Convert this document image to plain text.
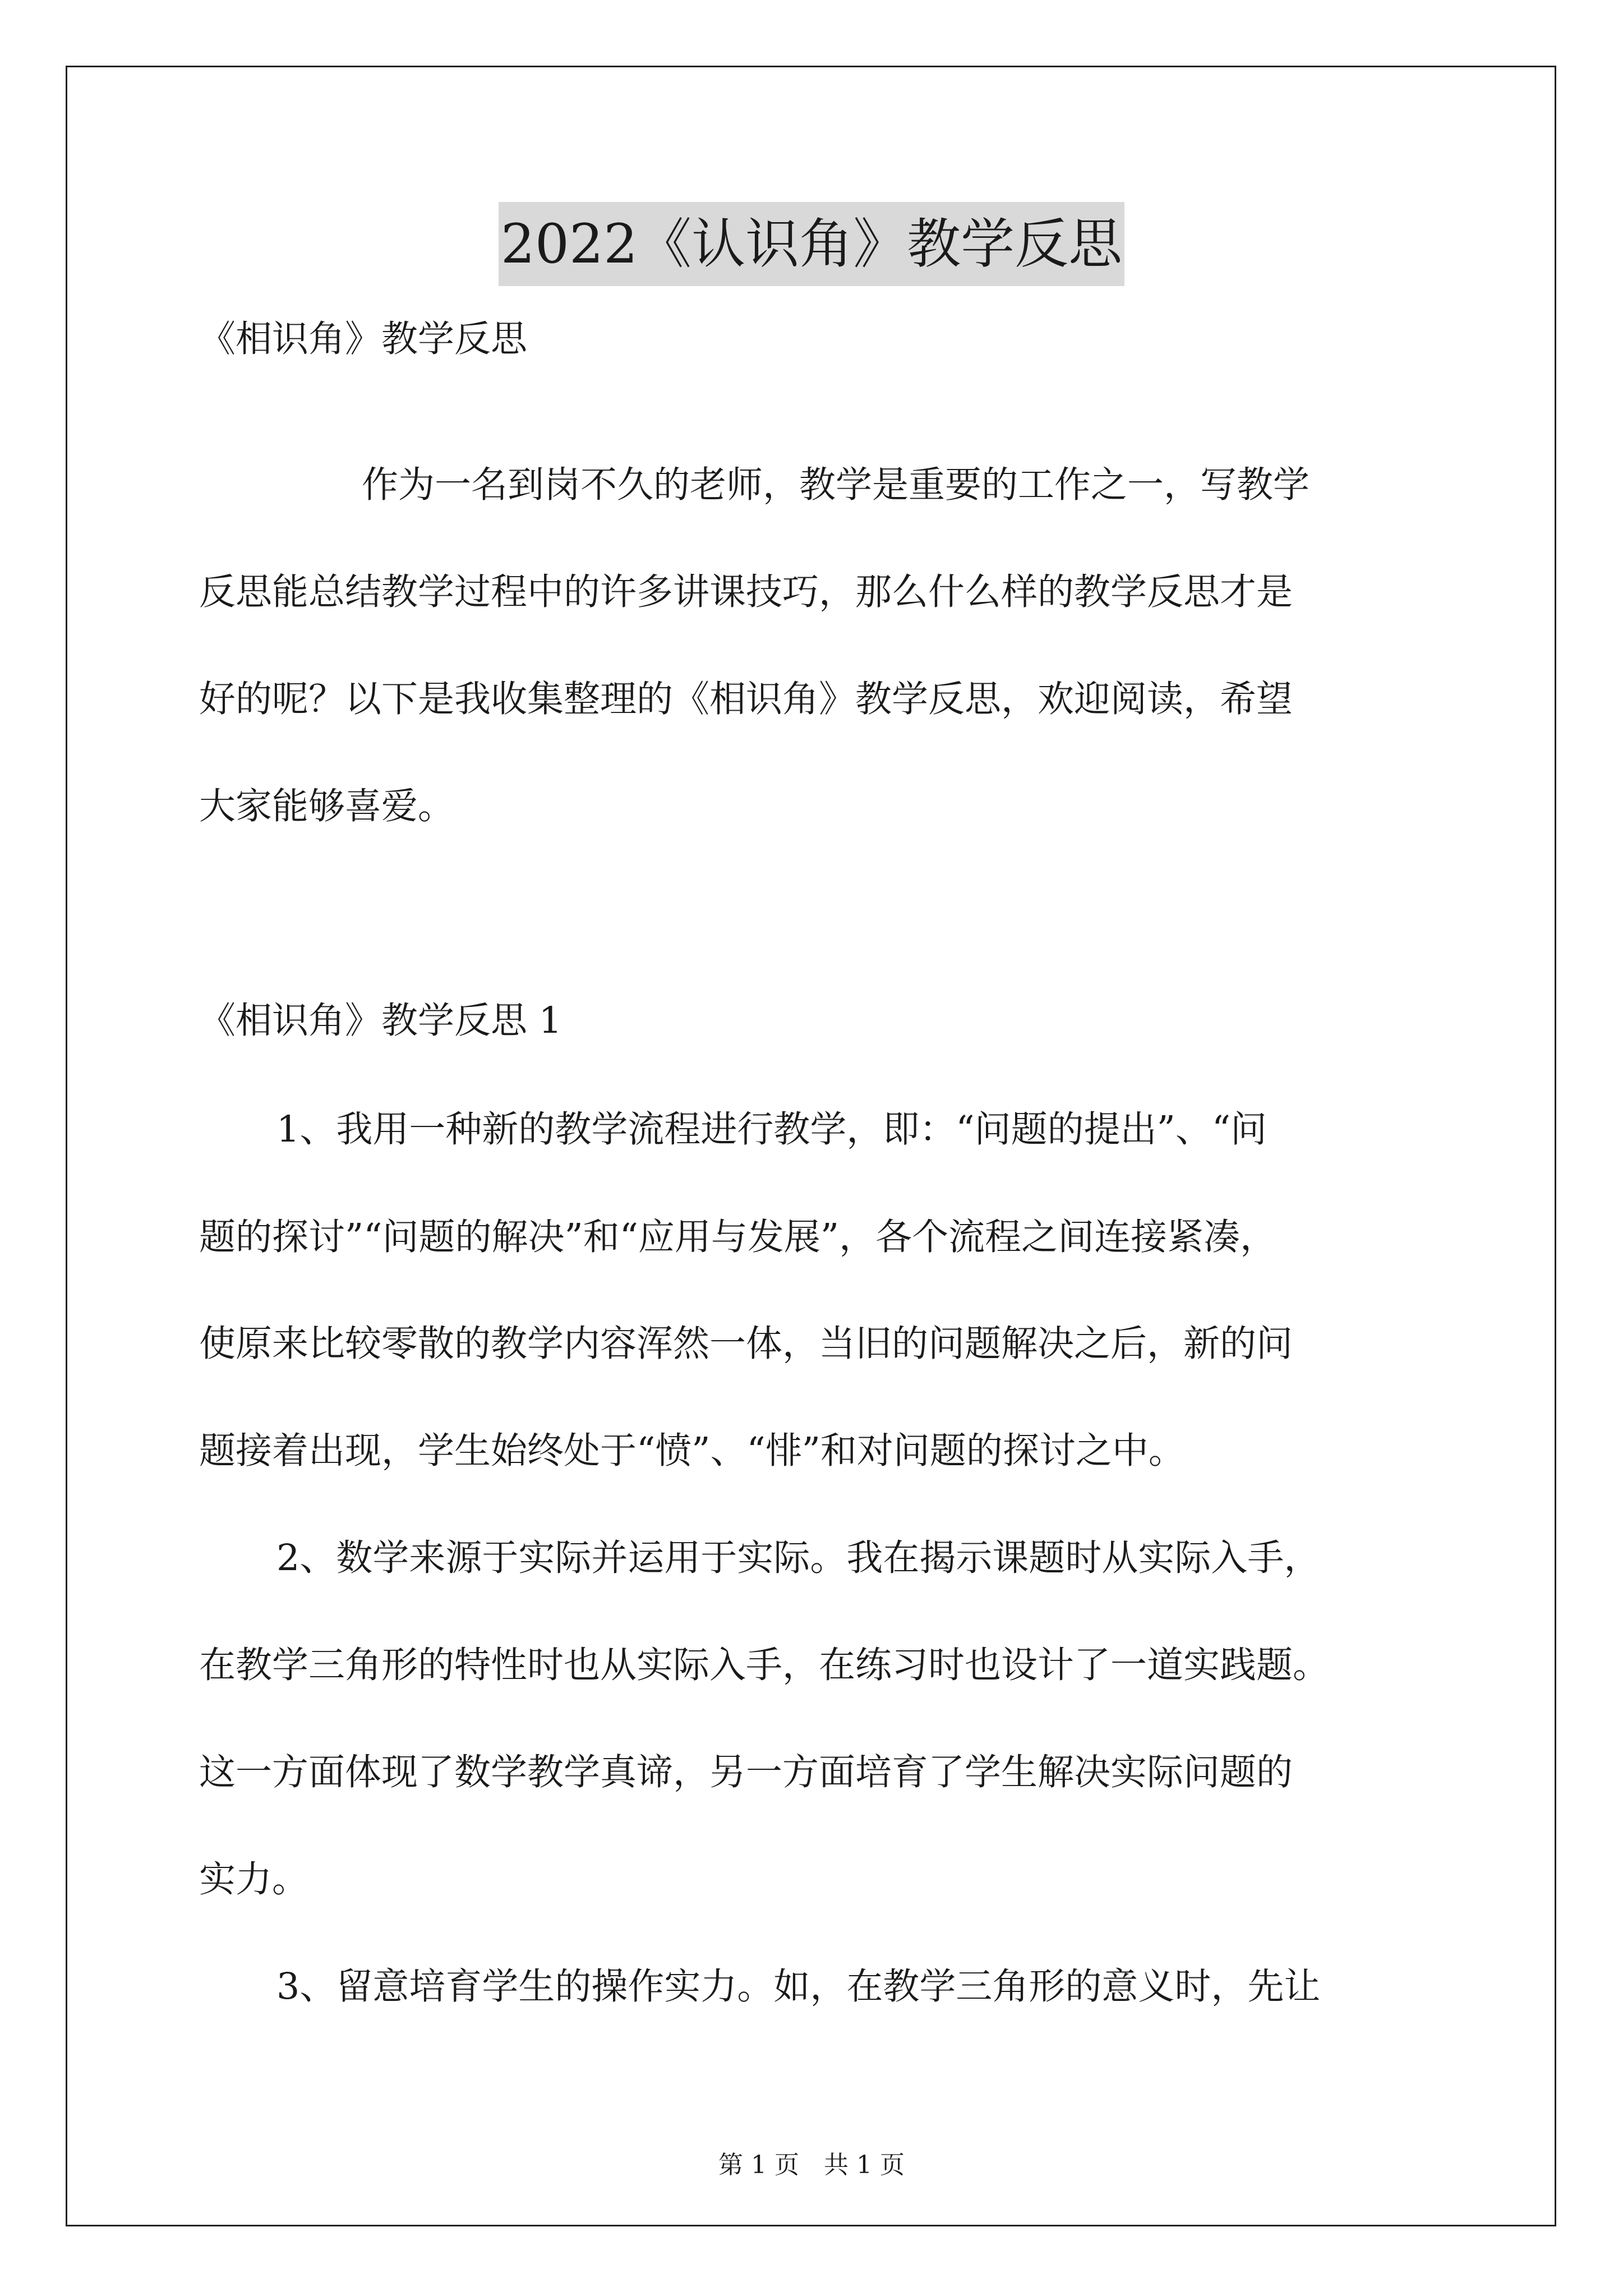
2022《认识角》教学反思
《相识角》教学反思
作为一名到岗不久的老师，教学是重要的工作之一，写教学
反思能总结教学过程中的许多讲课技巧，那么什么样的教学反思才是
好的呢？以下是我收集整理的《相识角》教学反思，欢迎阅读，希望
大家能够喜爱。
《相识角》教学反思 1
1、我用一种新的教学流程进行教学，即：“问题的提出”、“问
题的探讨”“问题的解决”和“应用与发展”，各个流程之间连接紧凑，
使原来比较零散的教学内容浑然一体，当旧的问题解决之后，新的问
题接着出现，学生始终处于“愤”、“悱”和对问题的探讨之中。
2、数学来源于实际并运用于实际。我在揭示课题时从实际入手，
在教学三角形的特性时也从实际入手，在练习时也设计了一道实践题。
这一方面体现了数学教学真谛，另一方面培育了学生解决实际问题的
实力。
3、留意培育学生的操作实力。如，在教学三角形的意义时，先让
第 1 页　共 1 页
